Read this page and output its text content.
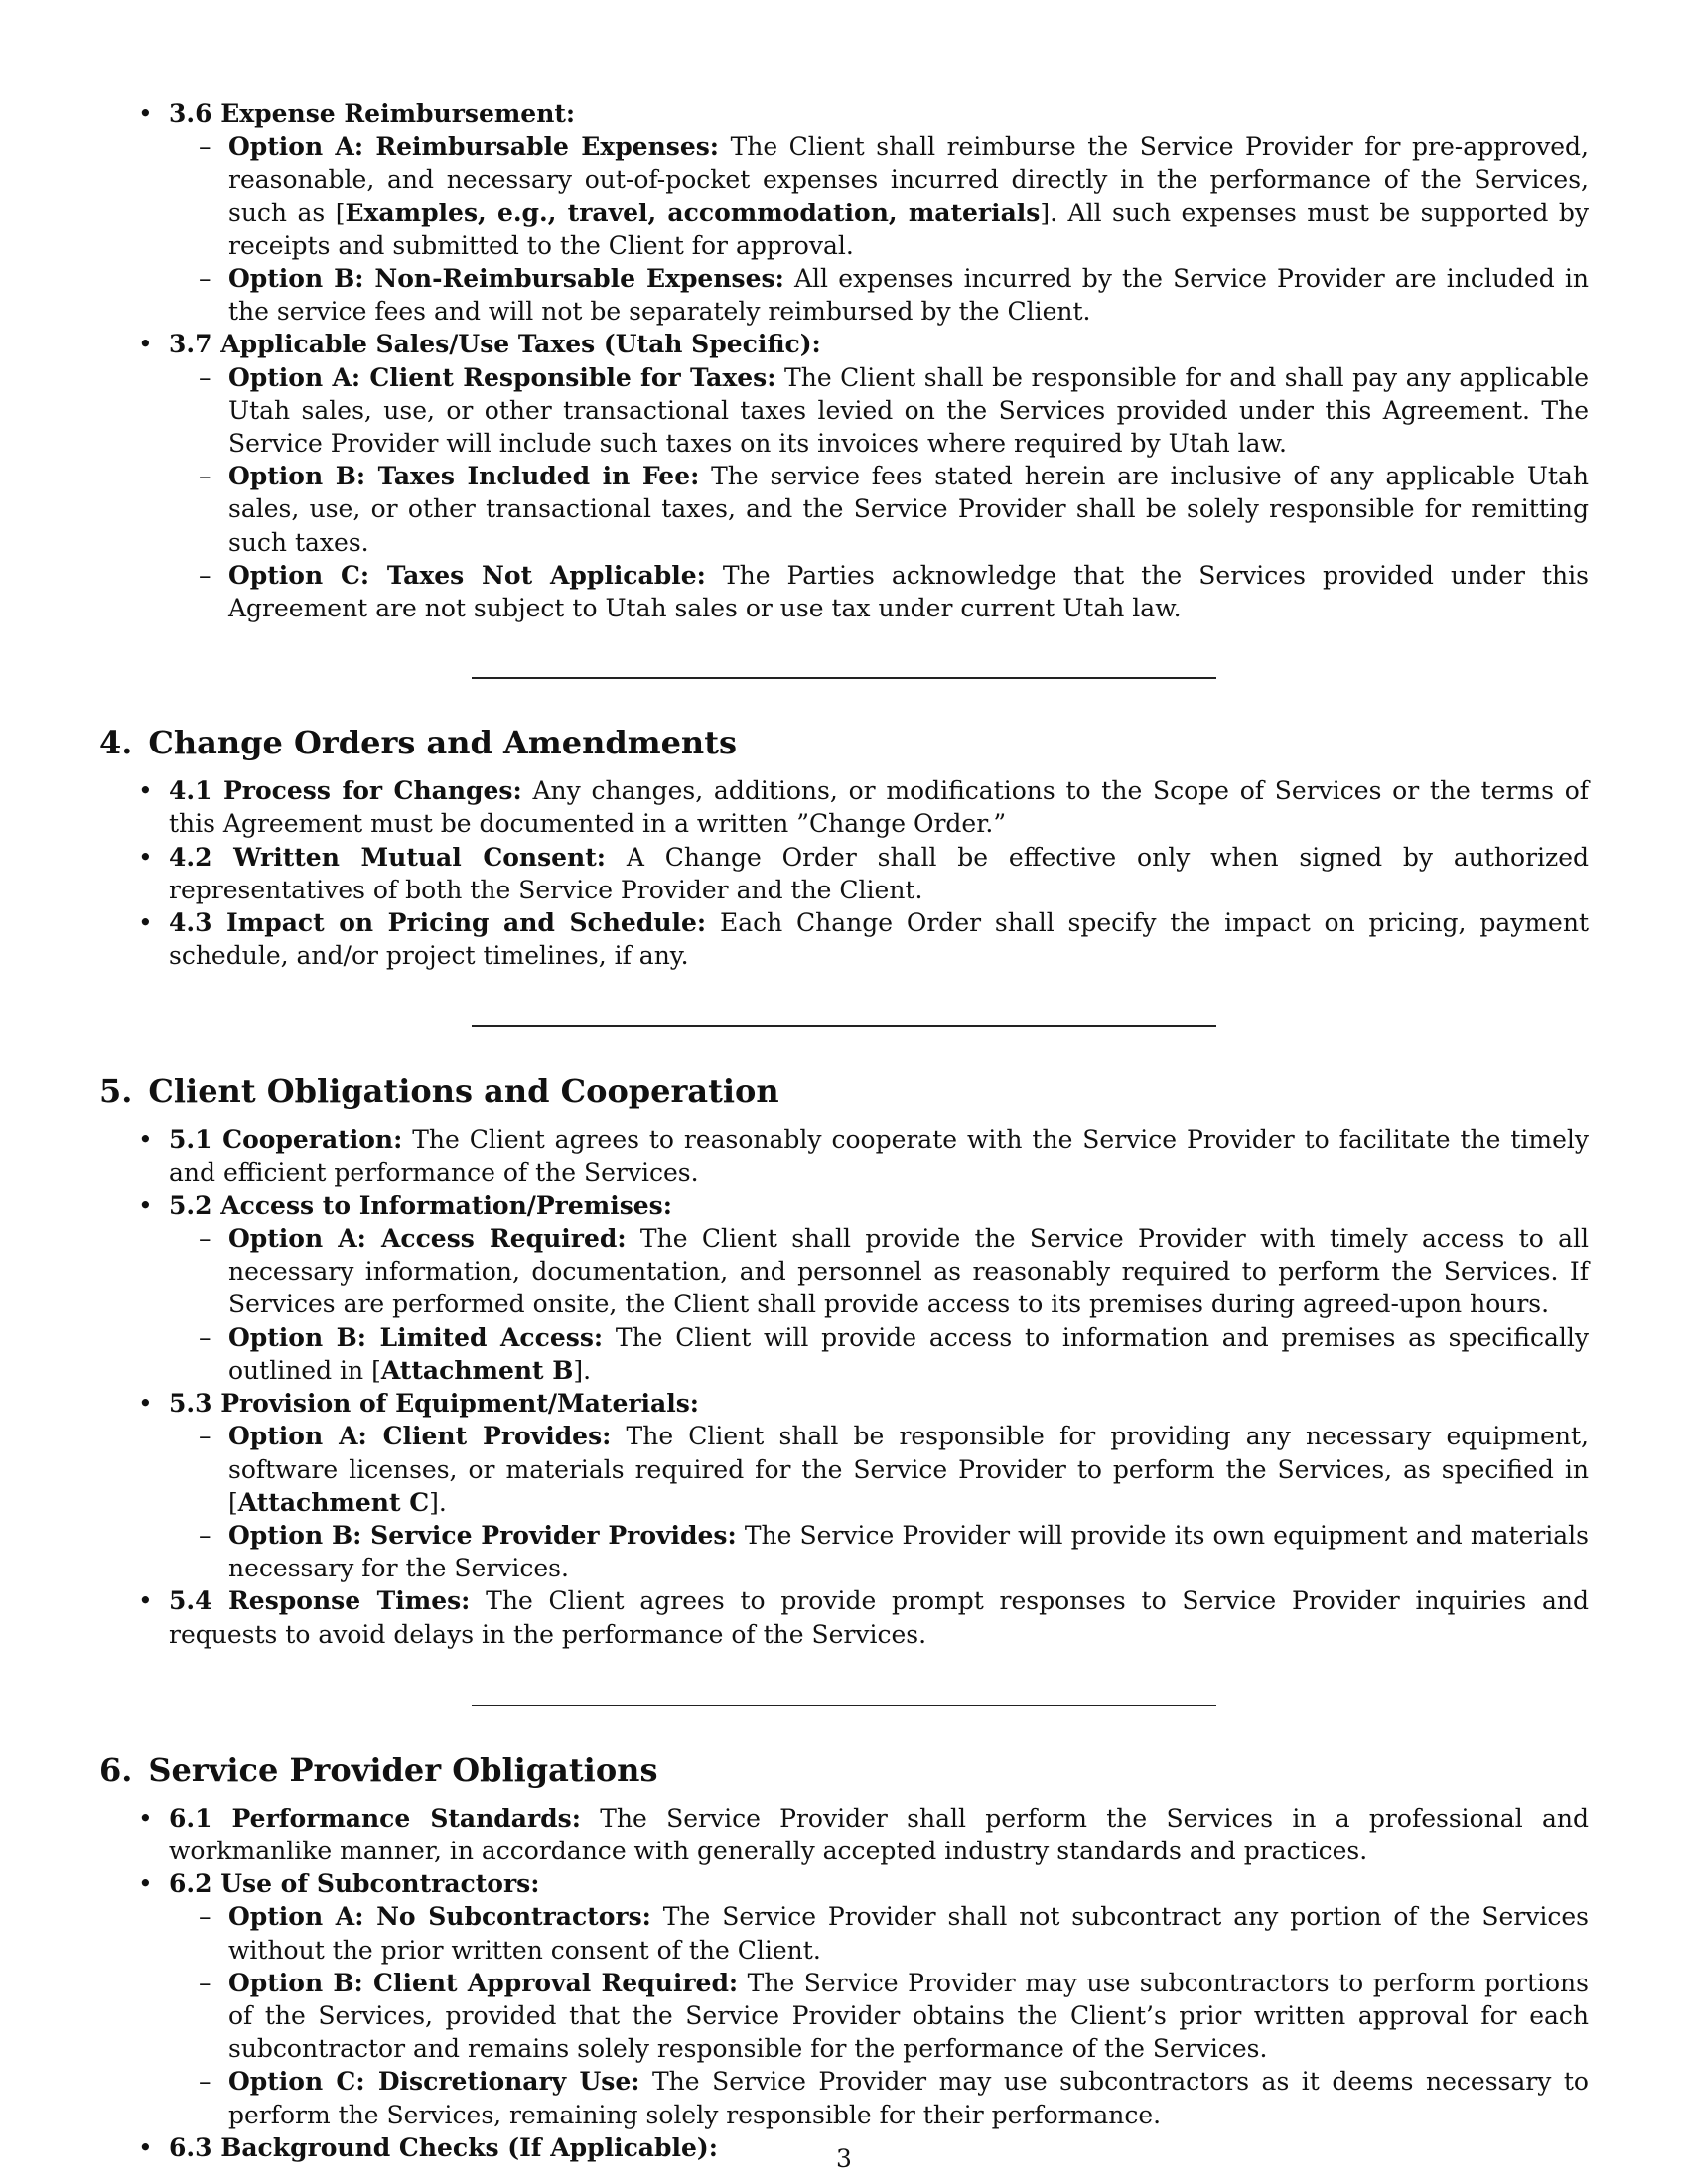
• 3.6 Expense Reimbursement:
– Option A: Reimbursable Expenses: The Client shall reimburse the Service Provider for pre-approved, reasonable, and necessary out-of-pocket expenses incurred directly in the performance of the Services, such as [Examples, e.g., travel, accommodation, materials]. All such expenses must be supported by receipts and submitted to the Client for approval.
– Option B: Non-Reimbursable Expenses: All expenses incurred by the Service Provider are included in the service fees and will not be separately reimbursed by the Client.
• 3.7 Applicable Sales/Use Taxes (Utah Specific):
– Option A: Client Responsible for Taxes: The Client shall be responsible for and shall pay any applicable Utah sales, use, or other transactional taxes levied on the Services provided under this Agreement. The Service Provider will include such taxes on its invoices where required by Utah law.
– Option B: Taxes Included in Fee: The service fees stated herein are inclusive of any applicable Utah sales, use, or other transactional taxes, and the Service Provider shall be solely responsible for remitting such taxes.
– Option C: Taxes Not Applicable: The Parties acknowledge that the Services provided under this Agreement are not subject to Utah sales or use tax under current Utah law.
4. Change Orders and Amendments
• 4.1 Process for Changes: Any changes, additions, or modifications to the Scope of Services or the terms of this Agreement must be documented in a written ”Change Order.”
• 4.2 Written Mutual Consent: A Change Order shall be effective only when signed by authorized representatives of both the Service Provider and the Client.
• 4.3 Impact on Pricing and Schedule: Each Change Order shall specify the impact on pricing, payment schedule, and/or project timelines, if any.
5. Client Obligations and Cooperation
• 5.1 Cooperation: The Client agrees to reasonably cooperate with the Service Provider to facilitate the timely and efficient performance of the Services.
• 5.2 Access to Information/Premises:
– Option A: Access Required: The Client shall provide the Service Provider with timely access to all necessary information, documentation, and personnel as reasonably required to perform the Services. If Services are performed onsite, the Client shall provide access to its premises during agreed-upon hours.
– Option B: Limited Access: The Client will provide access to information and premises as specifically outlined in [Attachment B].
• 5.3 Provision of Equipment/Materials:
– Option A: Client Provides: The Client shall be responsible for providing any necessary equipment, software licenses, or materials required for the Service Provider to perform the Services, as specified in [Attachment C].
– Option B: Service Provider Provides: The Service Provider will provide its own equipment and materials necessary for the Services.
• 5.4 Response Times: The Client agrees to provide prompt responses to Service Provider inquiries and requests to avoid delays in the performance of the Services.
6. Service Provider Obligations
• 6.1 Performance Standards: The Service Provider shall perform the Services in a professional and workmanlike manner, in accordance with generally accepted industry standards and practices.
• 6.2 Use of Subcontractors:
– Option A: No Subcontractors: The Service Provider shall not subcontract any portion of the Services without the prior written consent of the Client.
– Option B: Client Approval Required: The Service Provider may use subcontractors to perform portions of the Services, provided that the Service Provider obtains the Client’s prior written approval for each subcontractor and remains solely responsible for the performance of the Services.
– Option C: Discretionary Use: The Service Provider may use subcontractors as it deems necessary to perform the Services, remaining solely responsible for their performance.
• 6.3 Background Checks (If Applicable):	3
